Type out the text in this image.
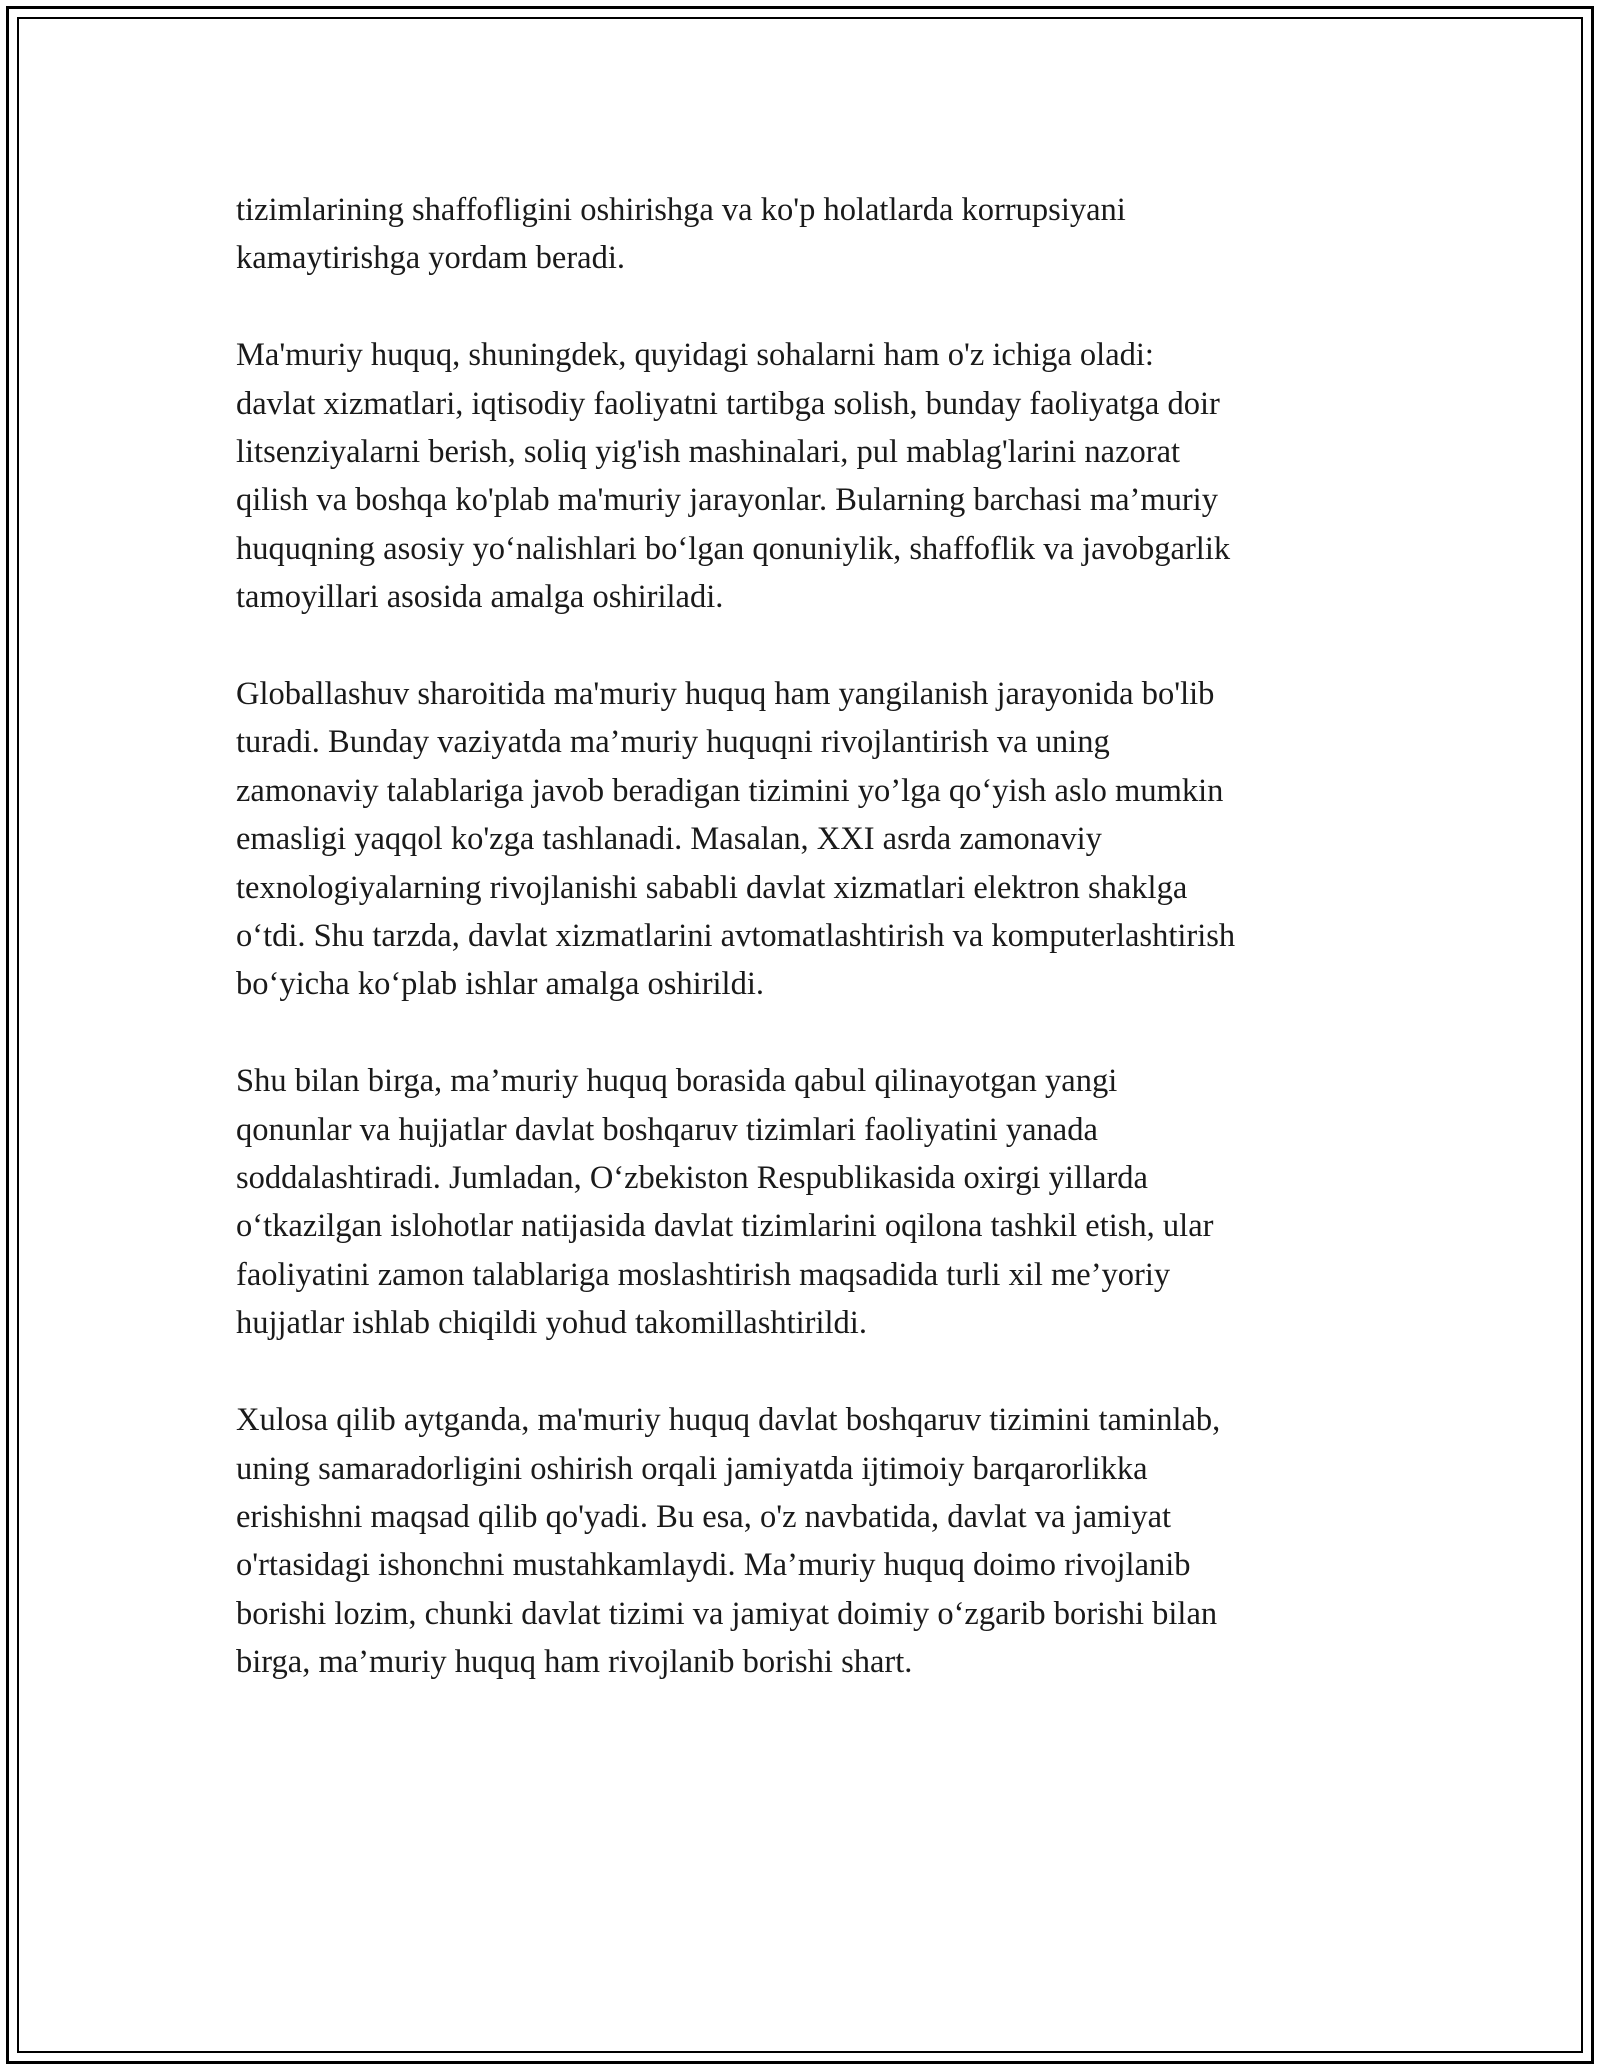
tizimlarining shaffofligini oshirishga va ko'p holatlarda korrupsiyani
kamaytirishga yordam beradi.

Ma'muriy huquq, shuningdek, quyidagi sohalarni ham o'z ichiga oladi:
davlat xizmatlari, iqtisodiy faoliyatni tartibga solish, bunday faoliyatga doir
litsenziyalarni berish, soliq yig'ish mashinalari, pul mablag'larini nazorat
qilish va boshqa ko'plab ma'muriy jarayonlar. Bularning barchasi ma’muriy
huquqning asosiy yo‘nalishlari bo‘lgan qonuniylik, shaffoflik va javobgarlik
tamoyillari asosida amalga oshiriladi.

Globallashuv sharoitida ma'muriy huquq ham yangilanish jarayonida bo'lib
turadi. Bunday vaziyatda ma’muriy huquqni rivojlantirish va uning
zamonaviy talablariga javob beradigan tizimini yo’lga qo‘yish aslo mumkin
emasligi yaqqol ko'zga tashlanadi. Masalan, XXI asrda zamonaviy
texnologiyalarning rivojlanishi sababli davlat xizmatlari elektron shaklga
o‘tdi. Shu tarzda, davlat xizmatlarini avtomatlashtirish va komputerlashtirish
bo‘yicha ko‘plab ishlar amalga oshirildi.

Shu bilan birga, ma’muriy huquq borasida qabul qilinayotgan yangi
qonunlar va hujjatlar davlat boshqaruv tizimlari faoliyatini yanada
soddalashtiradi. Jumladan, O‘zbekiston Respublikasida oxirgi yillarda
o‘tkazilgan islohotlar natijasida davlat tizimlarini oqilona tashkil etish, ular
faoliyatini zamon talablariga moslashtirish maqsadida turli xil me’yoriy
hujjatlar ishlab chiqildi yohud takomillashtirildi.

Xulosa qilib aytganda, ma'muriy huquq davlat boshqaruv tizimini taminlab,
uning samaradorligini oshirish orqali jamiyatda ijtimoiy barqarorlikka
erishishni maqsad qilib qo'yadi. Bu esa, o'z navbatida, davlat va jamiyat
o'rtasidagi ishonchni mustahkamlaydi. Ma’muriy huquq doimo rivojlanib
borishi lozim, chunki davlat tizimi va jamiyat doimiy o‘zgarib borishi bilan
birga, ma’muriy huquq ham rivojlanib borishi shart.
